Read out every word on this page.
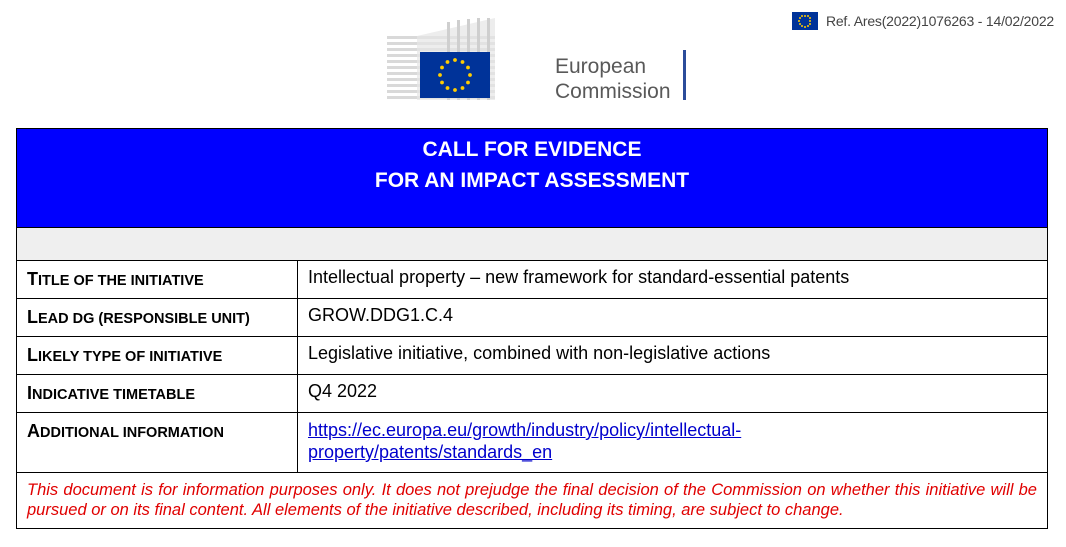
Ref. Ares(2022)1076263 - 14/02/2022
European
Commission
CALL FOR EVIDENCE
FOR AN IMPACT ASSESSMENT
TITLE OF THE INITIATIVE	Intellectual property – new framework for standard-essential patents
LEAD DG (RESPONSIBLE UNIT)	GROW.DDG1.C.4
LIKELY TYPE OF INITIATIVE	Legislative initiative, combined with non-legislative actions
INDICATIVE TIMETABLE	Q4 2022
ADDITIONAL INFORMATION	https://ec.europa.eu/growth/industry/policy/intellectual-
property/patents/standards_en
This document is for information purposes only. It does not prejudge the final decision of the Commission on whether this initiative will be pursued or on its final content. All elements of the initiative described, including its timing, are subject to change.
